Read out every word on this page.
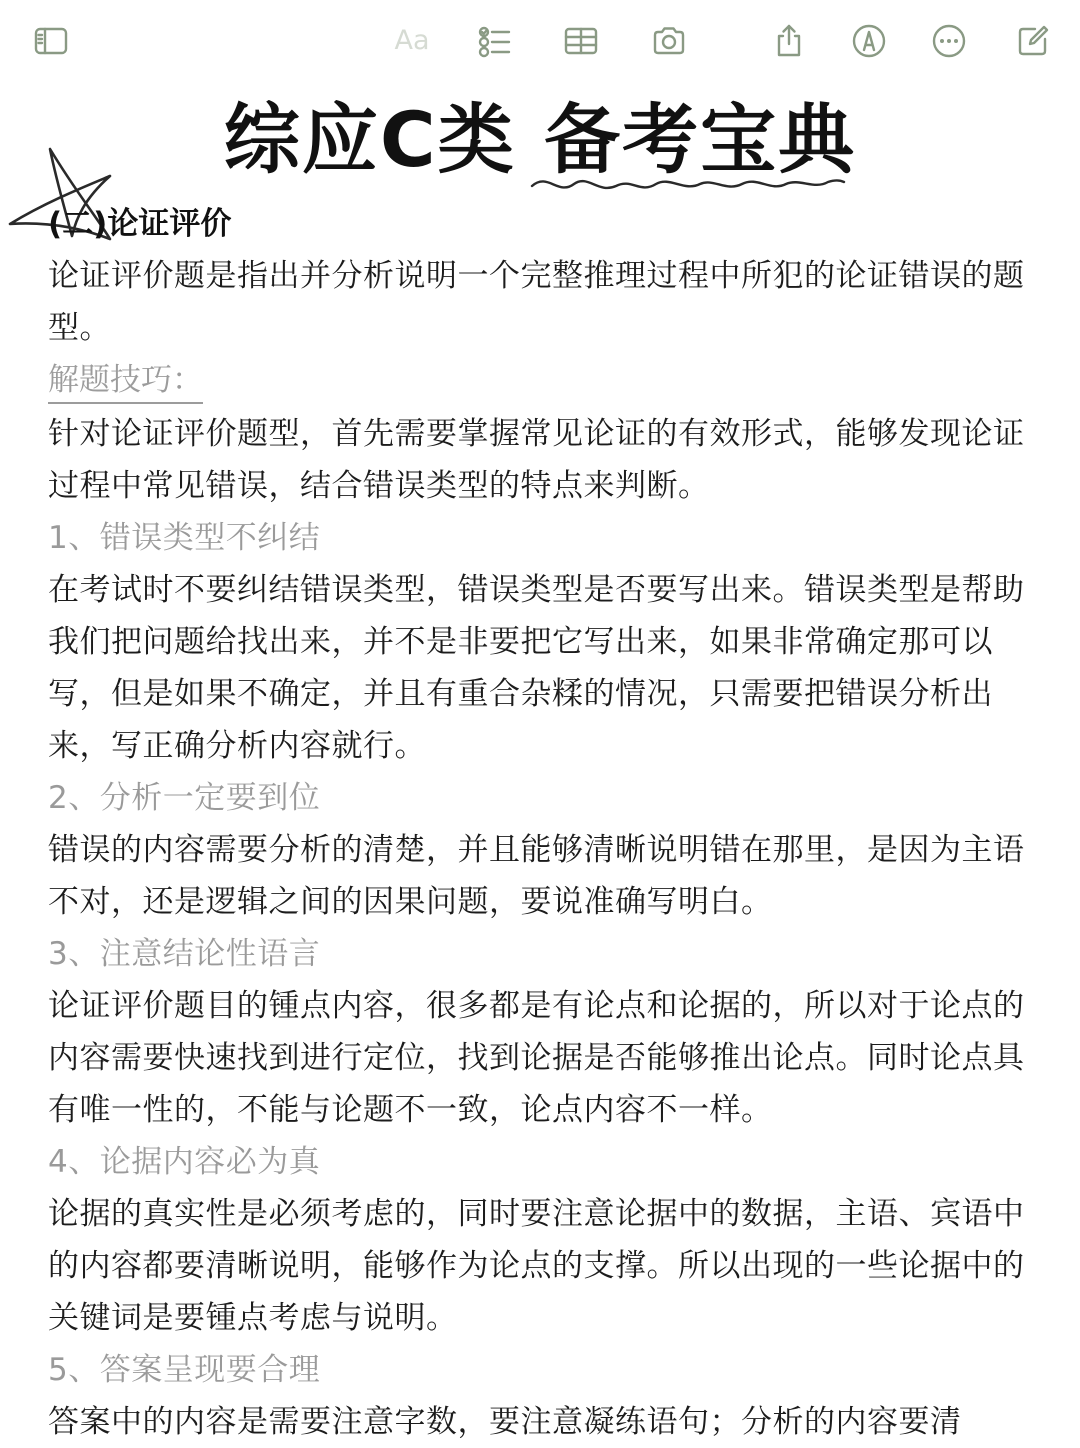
Aa
综应C类 备考宝典
(二)论证评价

论证评价题是指出并分析说明一个完整推理过程中所犯的论证错误的题型。

解题技巧：

针对论证评价题型，首先需要掌握常见论证的有效形式，能够发现论证过程中常见错误，结合错误类型的特点来判断。

1、错误类型不纠结

在考试时不要纠结错误类型，错误类型是否要写出来。错误类型是帮助我们把问题给找出来，并不是非要把它写出来，如果非常确定那可以写，但是如果不确定，并且有重合杂糅的情况，只需要把错误分析出来，写正确分析内容就行。

2、分析一定要到位

错误的内容需要分析的清楚，并且能够清晰说明错在那里，是因为主语不对，还是逻辑之间的因果问题，要说准确写明白。

3、注意结论性语言

论证评价题目的锺点内容，很多都是有论点和论据的，所以对于论点的内容需要快速找到进行定位，找到论据是否能够推出论点。同时论点具有唯一性的，不能与论题不一致，论点内容不一样。

4、论据内容必为真

论据的真实性是必须考虑的，同时要注意论据中的数据，主语、宾语中的内容都要清晰说明，能够作为论点的支撑。所以出现的一些论据中的关键词是要锺点考虑与说明。

5、答案呈现要合理

答案中的内容是需要注意字数，要注意凝练语句；分析的内容要清
